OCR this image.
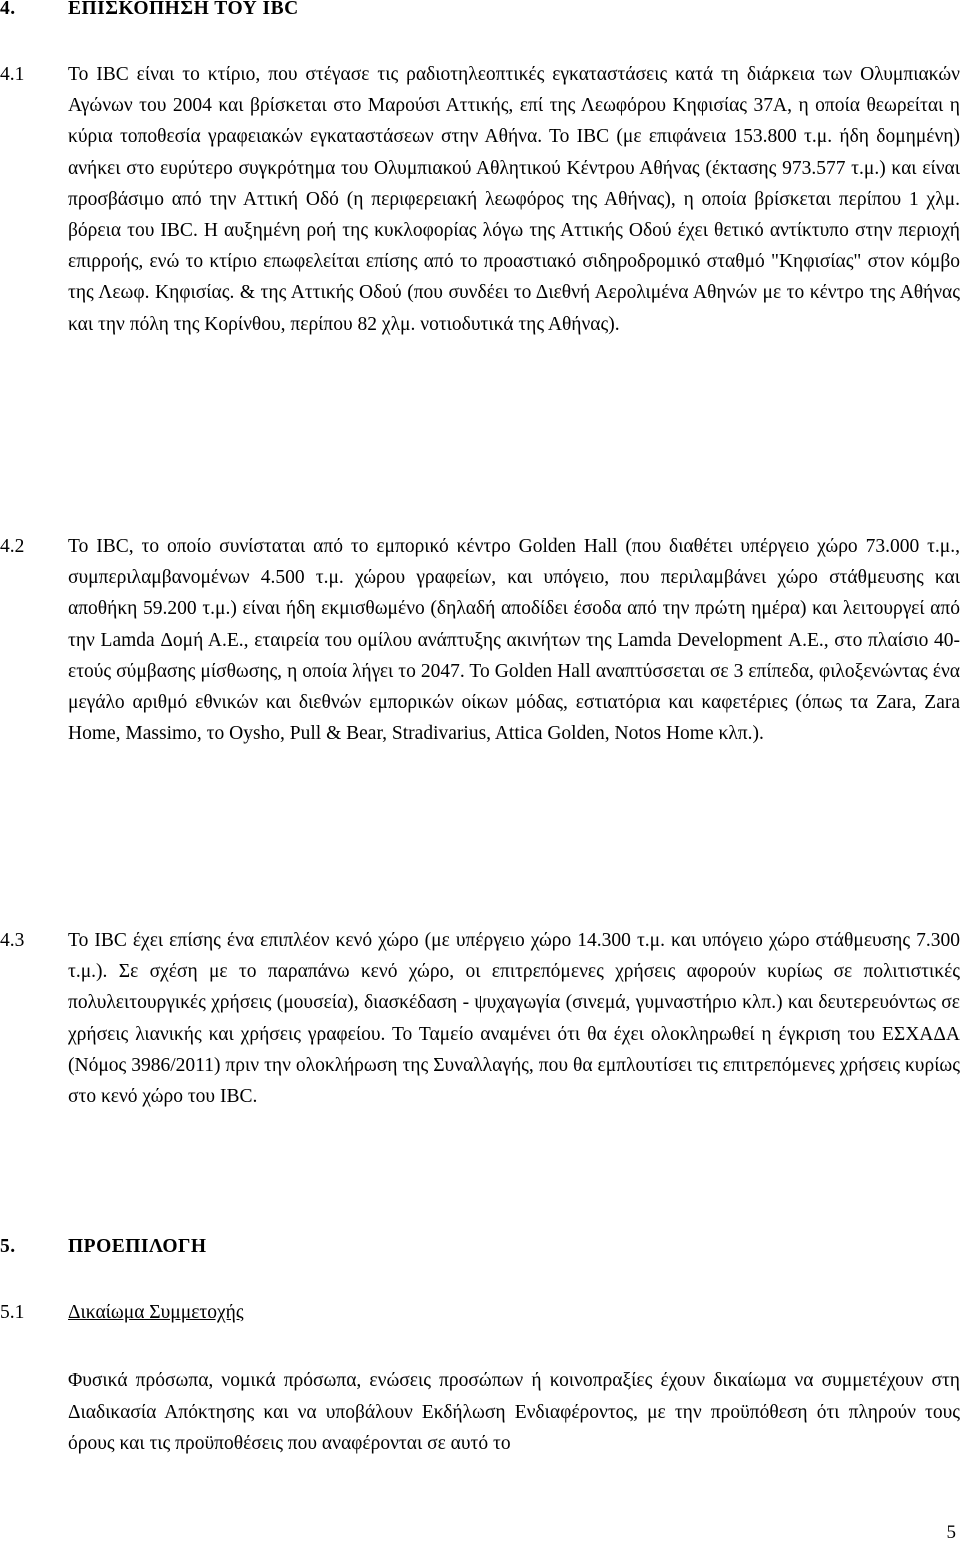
4.	ΕΠΙΣΚΟΠΗΣΗ ΤΟΥ IBC
4.1 Το IBC είναι το κτίριο, που στέγασε τις ραδιοτηλεοπτικές εγκαταστάσεις κατά τη διάρκεια των Ολυμπιακών Αγώνων του 2004 και βρίσκεται στο Μαρούσι Αττικής, επί της Λεωφόρου Κηφισίας 37Α, η οποία θεωρείται η κύρια τοποθεσία γραφειακών εγκαταστάσεων στην Αθήνα. Το IBC (με επιφάνεια 153.800 τ.μ. ήδη δομημένη) ανήκει στο ευρύτερο συγκρότημα του Ολυμπιακού Αθλητικού Κέντρου Αθήνας (έκτασης 973.577 τ.μ.) και είναι προσβάσιμο από την Αττική Οδό (η περιφερειακή λεωφόρος της Αθήνας), η οποία βρίσκεται περίπου 1 χλμ. βόρεια του IBC. Η αυξημένη ροή της κυκλοφορίας λόγω της Αττικής Οδού έχει θετικό αντίκτυπο στην περιοχή επιρροής, ενώ το κτίριο επωφελείται επίσης από το προαστιακό σιδηροδρομικό σταθμό "Κηφισίας" στον κόμβο της Λεωφ. Κηφισίας. & της Αττικής Οδού (που συνδέει το Διεθνή Αερολιμένα Αθηνών με το κέντρο της Αθήνας και την πόλη της Κορίνθου, περίπου 82 χλμ. νοτιοδυτικά της Αθήνας).

4.2 Το IBC, το οποίο συνίσταται από το εμπορικό κέντρο Golden Hall (που διαθέτει υπέργειο χώρο 73.000 τ.μ., συμπεριλαμβανομένων 4.500 τ.μ. χώρου γραφείων, και υπόγειο, που περιλαμβάνει χώρο στάθμευσης και αποθήκη 59.200 τ.μ.) είναι ήδη εκμισθωμένο (δηλαδή αποδίδει έσοδα από την πρώτη ημέρα) και λειτουργεί από την Lamda Δομή Α.Ε., εταιρεία του ομίλου ανάπτυξης ακινήτων της Lamda Development Α.Ε., στο πλαίσιο 40-ετούς σύμβασης μίσθωσης, η οποία λήγει το 2047. Το Golden Hall αναπτύσσεται σε 3 επίπεδα, φιλοξενώντας ένα μεγάλο αριθμό εθνικών και διεθνών εμπορικών οίκων μόδας, εστιατόρια και καφετέριες (όπως τα Zara, Zara Home, Massimo, το Oysho, Pull & Bear, Stradivarius, Attica Golden, Notos Home κλπ.).

4.3 Το IBC έχει επίσης ένα επιπλέον κενό χώρο (με υπέργειο χώρο 14.300 τ.μ. και υπόγειο χώρο στάθμευσης 7.300 τ.μ.). Σε σχέση με το παραπάνω κενό χώρο, οι επιτρεπόμενες χρήσεις αφορούν κυρίως σε πολιτιστικές πολυλειτουργικές χρήσεις (μουσεία), διασκέδαση - ψυχαγωγία (σινεμά, γυμναστήριο κλπ.) και δευτερευόντως σε χρήσεις λιανικής και χρήσεις γραφείου. Το Ταμείο αναμένει ότι θα έχει ολοκληρωθεί η έγκριση του ΕΣΧΑΔΑ (Νόμος 3986/2011) πριν την ολοκλήρωση της Συναλλαγής, που θα εμπλουτίσει τις επιτρεπόμενες χρήσεις κυρίως στο κενό χώρο του IBC.

5.	ΠΡΟΕΠΙΛΟΓΗ
5.1 Δικαίωμα Συμμετοχής

Φυσικά πρόσωπα, νομικά πρόσωπα, ενώσεις προσώπων ή κοινοπραξίες έχουν δικαίωμα να συμμετέχουν στη Διαδικασία Απόκτησης και να υποβάλουν Εκδήλωση Ενδιαφέροντος, με την προϋπόθεση ότι πληρούν τους όρους και τις προϋποθέσεις που αναφέρονται σε αυτό το

5
